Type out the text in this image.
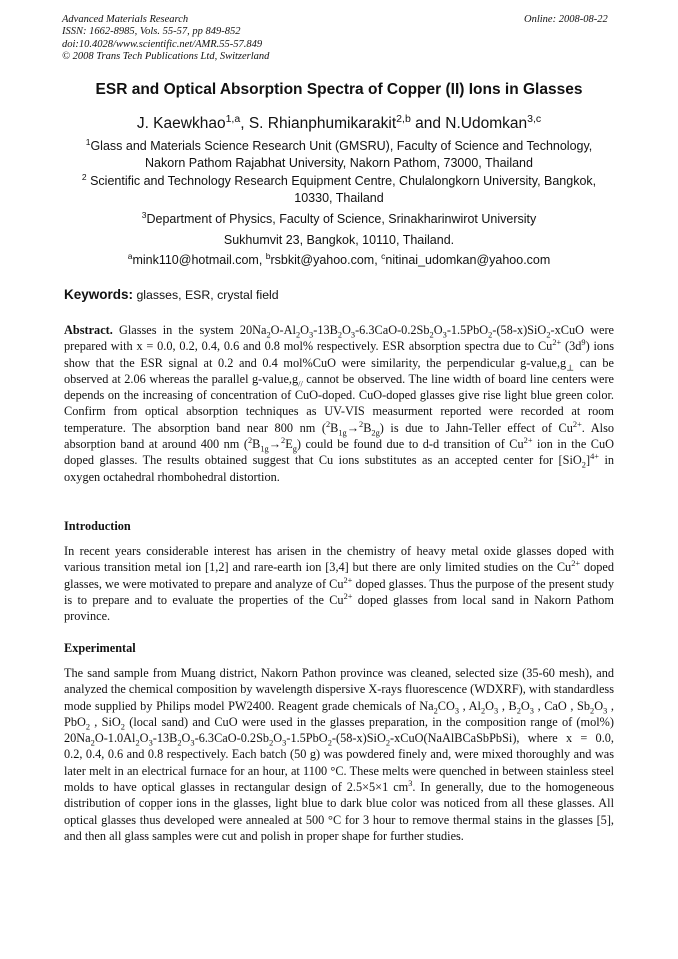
Advanced Materials Research
ISSN: 1662-8985, Vols. 55-57, pp 849-852
doi:10.4028/www.scientific.net/AMR.55-57.849
© 2008 Trans Tech Publications Ltd, Switzerland
Online: 2008-08-22
ESR and Optical Absorption Spectra of Copper (II) Ions in Glasses
J. Kaewkhao$^{1,a}$, S. Rhianphumikarakit$^{2,b}$ and N.Udomkan$^{3,c}$
$^1$Glass and Materials Science Research Unit (GMSRU), Faculty of Science and Technology,
Nakorn Pathom Rajabhat University, Nakorn Pathom, 73000, Thailand
$^2$ Scientific and Technology Research Equipment Centre, Chulalongkorn University, Bangkok,
10330, Thailand
$^3$Department of Physics, Faculty of Science, Srinakharinwirot University
Sukhumvit 23, Bangkok, 10110, Thailand.
$^a$mink110@hotmail.com, $^b$rsbkit@yahoo.com, $^c$nitinai_udomkan@yahoo.com
Keywords: glasses, ESR, crystal field
Abstract. Glasses in the system $20Na_2O-Al_2O_3-13B_2O_3-6.3CaO-0.2Sb_2O_3-1.5PbO_2-(58-x)SiO_2$-xCuO were prepared with x = 0.0, 0.2, 0.4, 0.6 and 0.8 mol% respectively. ESR absorption spectra due to $Cu^{2+}$ $(3d^9)$ ions show that the ESR signal at 0.2 and 0.4 mol%CuO were similarity, the perpendicular $g-value,g_\perp$ can be observed at 2.06 whereas the parallel $g-value,g_{//}$ cannot be observed. The line width of board line centers were depends on the increasing of concentration of CuO-doped. CuO-doped glasses give rise light blue green color. Confirm from optical absorption techniques as UV-VIS measurment reported were recorded at room temperature. The absorption band near 800 nm $(^2B_{1g}\to^2B_{2g})$ is due to Jahn-Teller effect of $Cu^{2+}$. Also absorption band at around 400 nm $(^2B_{1g}\to^2E_g)$ could be found due to d-d transition of $Cu^{2+}$ ion in the CuO doped glasses. The results obtained suggest that Cu ions substitutes as an accepted center for $[SiO_2]^{4+}$ in oxygen octahedral rhombohedral distortion.
Introduction
In recent years considerable interest has arisen in the chemistry of heavy metal oxide glasses doped with various transition metal ion [1,2] and rare-earth ion [3,4] but there are only limited studies on the $Cu^{2+}$ doped glasses, we were motivated to prepare and analyze of $Cu^{2+}$ doped glasses. Thus the purpose of the present study is to prepare and to evaluate the properties of the $Cu^{2+}$ doped glasses from local sand in Nakorn Pathom province.
Experimental
The sand sample from Muang district, Nakorn Pathon province was cleaned, selected size (35-60 mesh), and analyzed the chemical composition by wavelength dispersive X-rays fluorescence (WDXRF), with standardless mode supplied by Philips model PW2400. Reagent grade chemicals of $Na_2CO_3$ , $Al_2O_3$ , $B_2O_3$ , CaO , $Sb_2O_3$ , PbO$_2$ , SiO$_2$ (local sand) and CuO were used in the glasses preparation, in the composition range of (mol%) $20Na_2O-1.0Al_2O_3-13B_2O_3-6.3CaO-0.2Sb_2O_3-1.5PbO_2-(58-x)SiO_2-xCuO(NaAlBCaSbPbSi)$, where x = 0.0, 0.2, 0.4, 0.6 and 0.8 respectively. Each batch (50 g) was powdered finely and, were mixed thoroughly and was later melt in an electrical furnace for an hour, at 1100 °C. These melts were quenched in between stainless steel molds to have optical glasses in rectangular design of 2.5×5×1 $cm^3$. In generally, due to the homogeneous distribution of copper ions in the glasses, light blue to dark blue color was noticed from all these glasses. All optical glasses thus developed were annealed at 500 °C for 3 hour to remove thermal stains in the glasses [5], and then all glass samples were cut and polish in proper shape for further studies.
